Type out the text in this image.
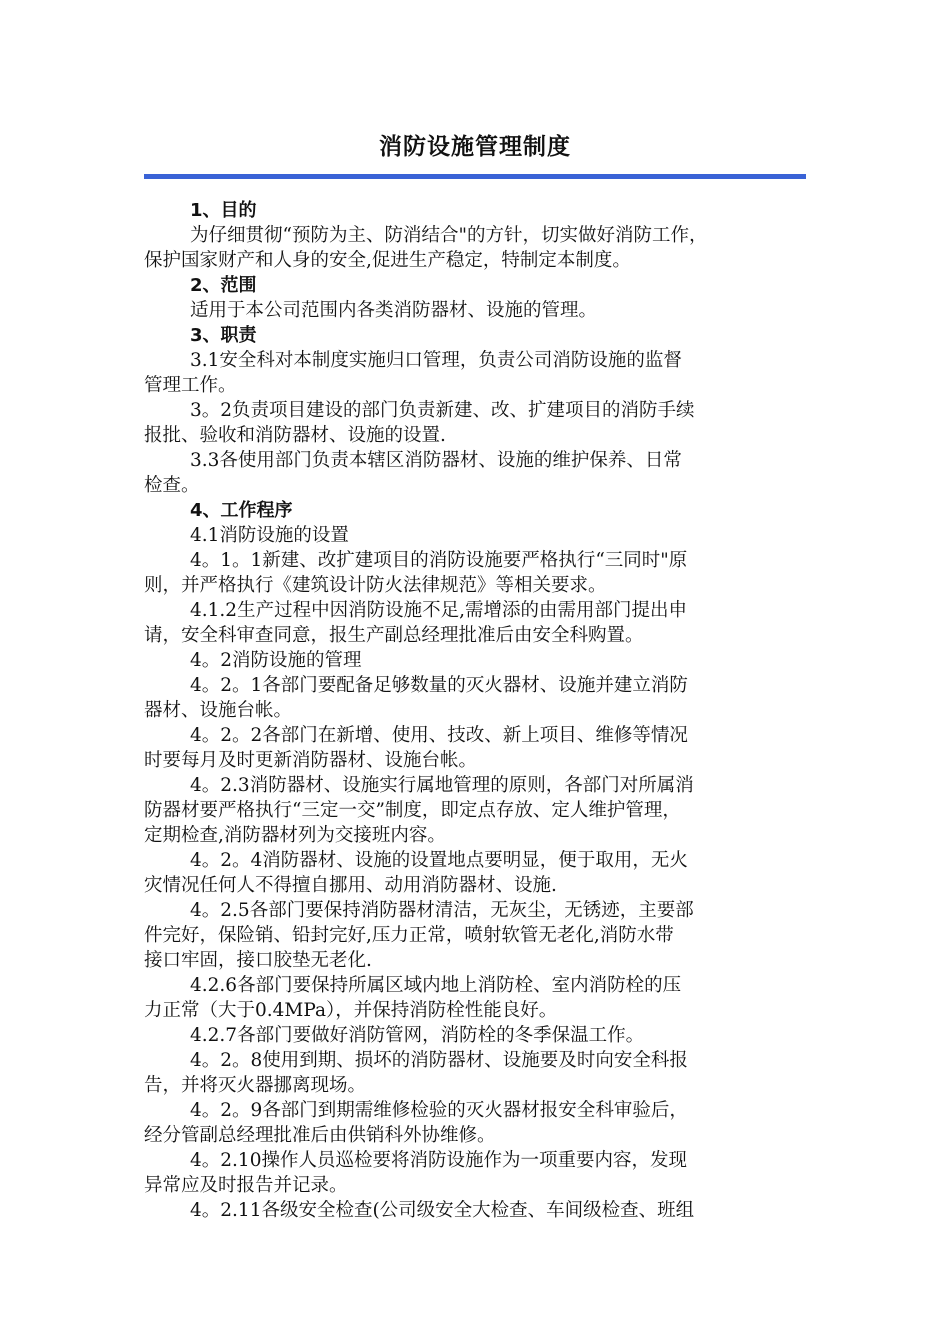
消防设施管理制度
1、目的
为仔细贯彻“预防为主、防消结合"的方针，切实做好消防工作，
保护国家财产和人身的安全,促进生产稳定，特制定本制度。
2、范围
适用于本公司范围内各类消防器材、设施的管理。
3、职责
3.1安全科对本制度实施归口管理，负责公司消防设施的监督
管理工作。
3。2负责项目建设的部门负责新建、改、扩建项目的消防手续
报批、验收和消防器材、设施的设置.
3.3各使用部门负责本辖区消防器材、设施的维护保养、日常
检查。
4、工作程序
4.1消防设施的设置
4。1。1新建、改扩建项目的消防设施要严格执行“三同时"原
则，并严格执行《建筑设计防火法律规范》等相关要求。
4.1.2生产过程中因消防设施不足,需增添的由需用部门提出申
请，安全科审查同意，报生产副总经理批准后由安全科购置。
4。2消防设施的管理
4。2。1各部门要配备足够数量的灭火器材、设施并建立消防
器材、设施台帐。
4。2。2各部门在新增、使用、技改、新上项目、维修等情况
时要每月及时更新消防器材、设施台帐。
4。2.3消防器材、设施实行属地管理的原则，各部门对所属消
防器材要严格执行“三定一交”制度，即定点存放、定人维护管理，
定期检查,消防器材列为交接班内容。
4。2。4消防器材、设施的设置地点要明显，便于取用，无火
灾情况任何人不得擅自挪用、动用消防器材、设施.
4。2.5各部门要保持消防器材清洁，无灰尘，无锈迹，主要部
件完好，保险销、铅封完好,压力正常，喷射软管无老化,消防水带
接口牢固，接口胶垫无老化.
4.2.6各部门要保持所属区域内地上消防栓、室内消防栓的压
力正常（大于0.4MPa），并保持消防栓性能良好。
4.2.7各部门要做好消防管网，消防栓的冬季保温工作。
4。2。8使用到期、损坏的消防器材、设施要及时向安全科报
告，并将灭火器挪离现场。
4。2。9各部门到期需维修检验的灭火器材报安全科审验后，
经分管副总经理批准后由供销科外协维修。
4。2.10操作人员巡检要将消防设施作为一项重要内容，发现
异常应及时报告并记录。
4。2.11各级安全检查(公司级安全大检查、车间级检查、班组
